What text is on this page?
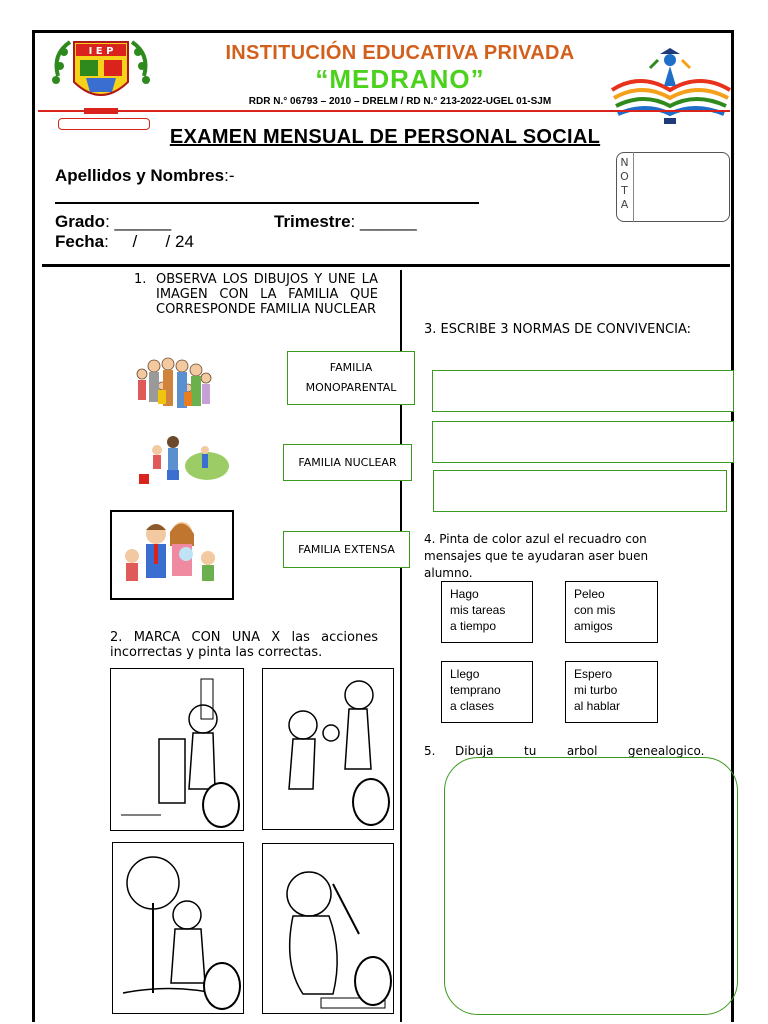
I E P	INSTITUCIÓN EDUCATIVA PRIVADA
“MEDRANO”
RDR N.° 06793 – 2010 – DRELM / RD N.° 213-2022-UGEL 01-SJM
EXAMEN MENSUAL DE PERSONAL SOCIAL
Apellidos y Nombres:-
Grado: ______	Trimestre: ______
Fecha:     /      / 24
N
O
T
A
1. OBSERVA LOS DIBUJOS Y UNE LA IMAGEN CON LA FAMILIA QUE CORRESPONDE FAMILIA NUCLEAR
FAMILIA MONOPARENTAL
FAMILIA NUCLEAR
FAMILIA EXTENSA
2. MARCA CON UNA X las acciones incorrectas y pinta las correctas.
3. ESCRIBE 3 NORMAS DE CONVIVENCIA:
4. Pinta de color azul el recuadro con mensajes que te ayudaran aser buen alumno.
Hago
mis tareas
a tiempo
Peleo
con mis
amigos
Llego
temprano
a clases
Espero
mi turbo
al hablar
5. Dibuja        tu        arbol        genealogico.
